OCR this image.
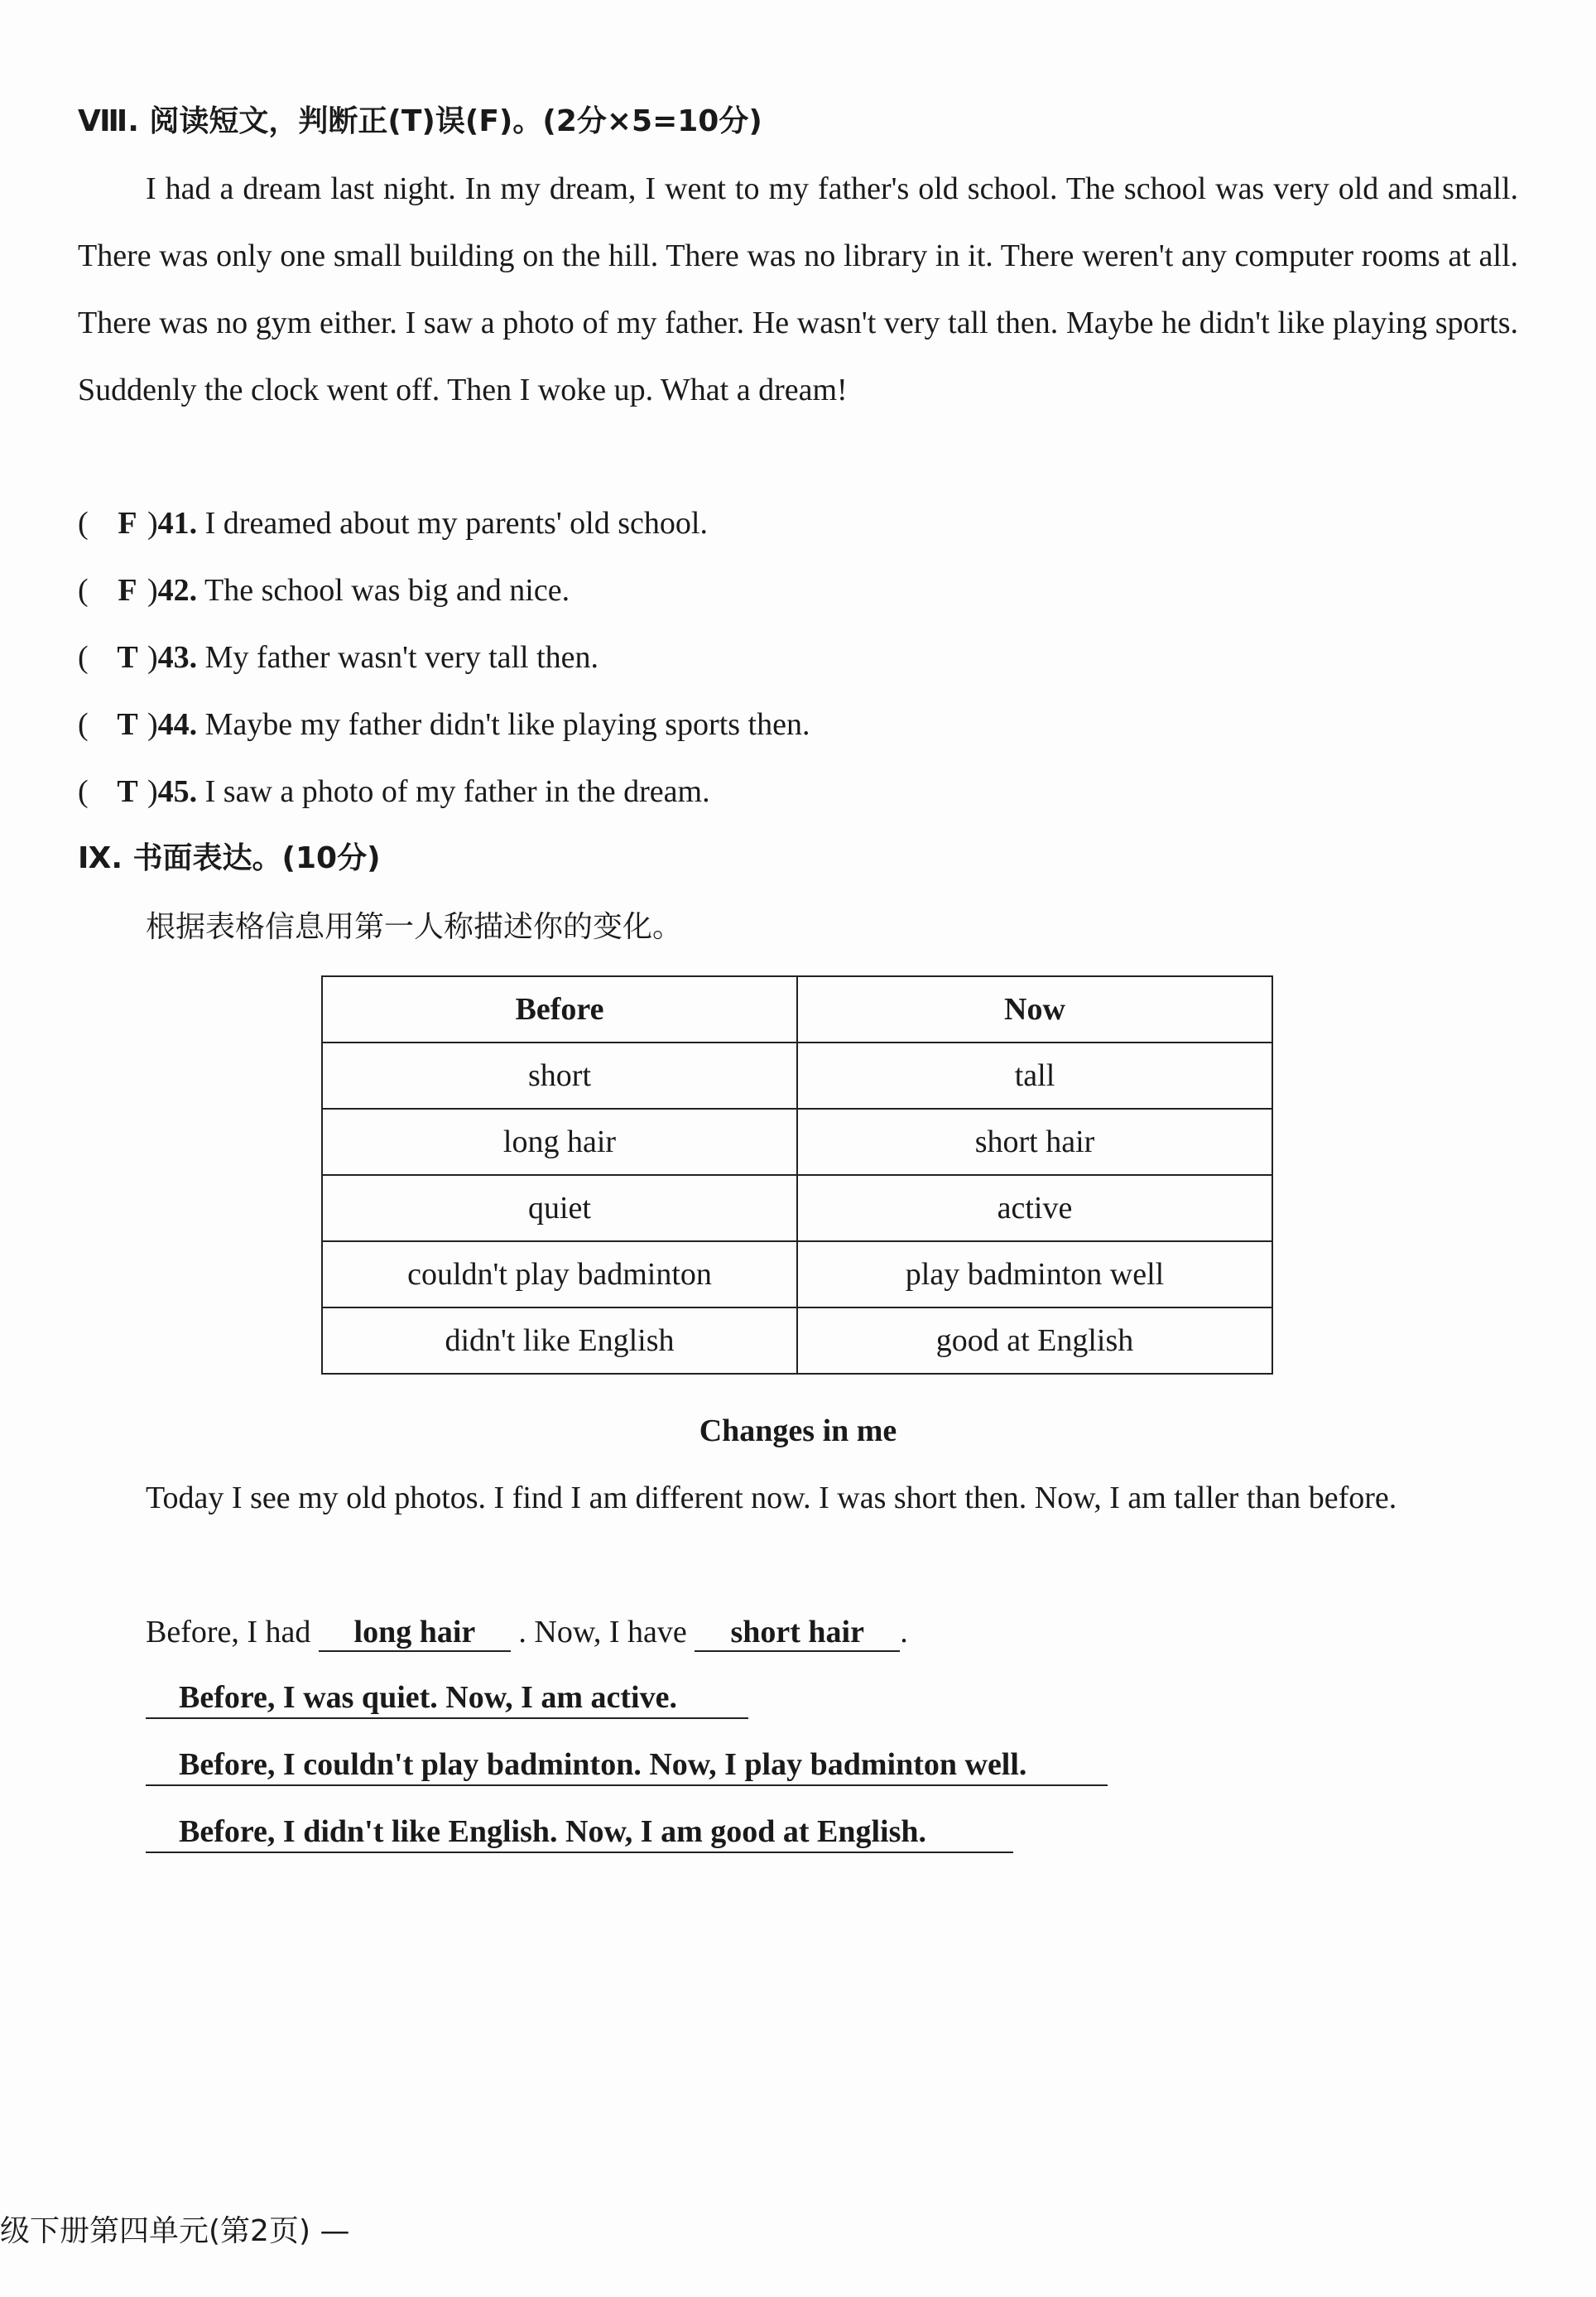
Ⅷ. 阅读短文，判断正(T)误(F)。(2分×5=10分)

I had a dream last night. In my dream, I went to my father's old school. The school was very old and small. There was only one small building on the hill. There was no library in it. There weren't any computer rooms at all. There was no gym either. I saw a photo of my father. He wasn't very tall then. Maybe he didn't like playing sports. Suddenly the clock went off. Then I woke up. What a dream!

( F )41. I dreamed about my parents' old school.
( F )42. The school was big and nice.
( T )43. My father wasn't very tall then.
( T )44. Maybe my father didn't like playing sports then.
( T )45. I saw a photo of my father in the dream.
Ⅸ. 书面表达。(10分)
根据表格信息用第一人称描述你的变化。
Before	Now
short	tall
long hair	short hair
quiet	active
couldn't play badminton	play badminton well
didn't like English	good at English
Changes in me

Today I see my old photos. I find I am different now. I was short then. Now, I am taller than before.

Before, I had long hair . Now, I have short hair .
Before, I was quiet. Now, I am active.
Before, I couldn't play badminton. Now, I play badminton well.
Before, I didn't like English. Now, I am good at English.
级下册第四单元(第2页) —
